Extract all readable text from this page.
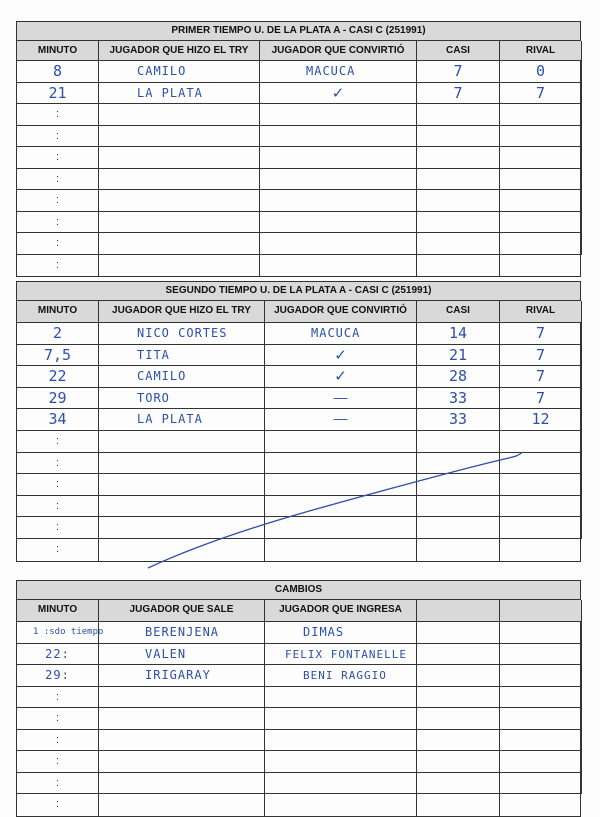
PRIMER TIEMPO U. DE LA PLATA A - CASI C (251991)
MINUTO	JUGADOR QUE HIZO EL TRY	JUGADOR QUE CONVIRTIÓ	CASI	RIVAL
8	CAMILO	MACUCA	7	0
21	LA PLATA	✓	7	7
:
:
:
:
:
:
:
:
SEGUNDO TIEMPO U. DE LA PLATA A - CASI C (251991)
MINUTO	JUGADOR QUE HIZO EL TRY	JUGADOR QUE CONVIRTIÓ	CASI	RIVAL
2	NICO CORTES	MACUCA	14	7
7,5	TITA	✓	21	7
22	CAMILO	✓	28	7
29	TORO	—	33	7
34	LA PLATA	—	33	12
:
:
:
:
:
:
CAMBIOS
MINUTO	JUGADOR QUE SALE	JUGADOR QUE INGRESA
1 :sdo tiempo	BERENJENA	DIMAS
22:	VALEN	FELIX FONTANELLE
29:	IRIGARAY	BENI RAGGIO
:
:
:
:
:
:
